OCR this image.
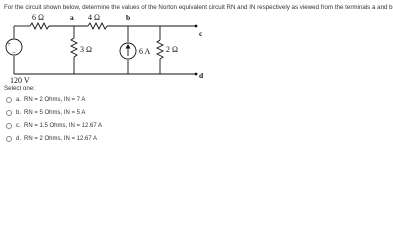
For the circuit shown below, determine the values of the Norton equivalent circuit RN and IN respectively as viewed from the terminals a and b
+
−
a	b
c
d
6 Ω	4 Ω
3 Ω	6 A 2 Ω
120 V
Select one:
a. RN = 2 Ohms, IN = 7 A
b. RN = 5 Ohms, IN = 5 A
c. RN = 1.5 Ohms, IN = 12.67 A
d. RN = 2 Ohms, IN = 12.67 A
